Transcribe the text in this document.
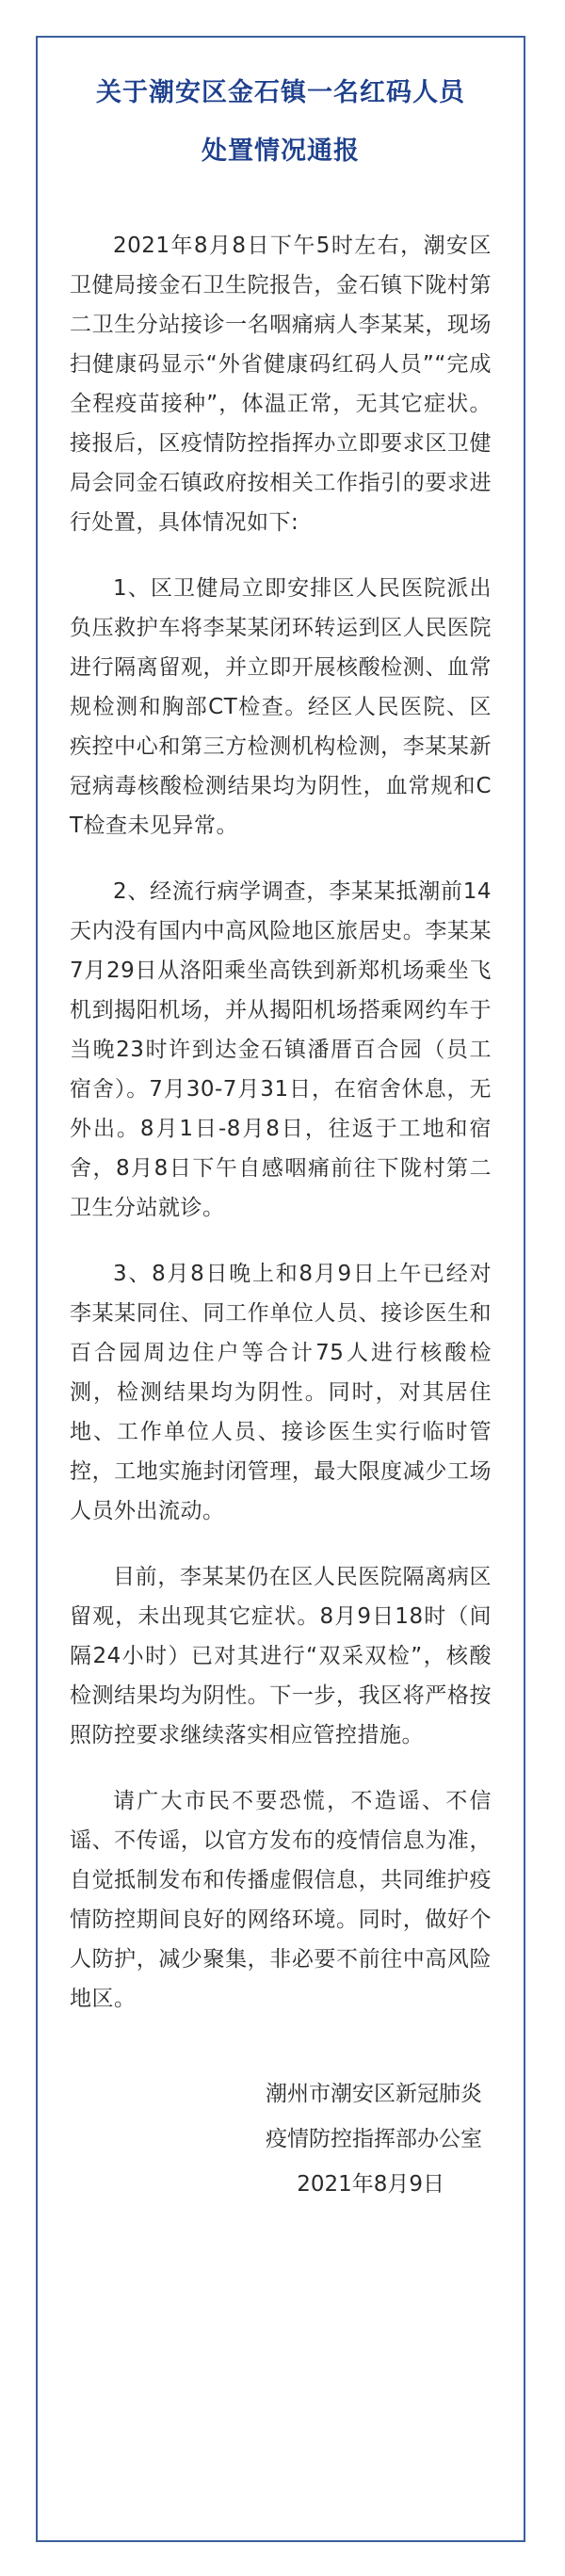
关于潮安区金石镇一名红码人员
处置情况通报

2021年8月8日下午5时左右，潮安区卫健局接金石卫生院报告，金石镇下陇村第二卫生分站接诊一名咽痛病人李某某，现场扫健康码显示“外省健康码红码人员”“完成全程疫苗接种”，体温正常，无其它症状。接报后，区疫情防控指挥办立即要求区卫健局会同金石镇政府按相关工作指引的要求进行处置，具体情况如下:

1、区卫健局立即安排区人民医院派出负压救护车将李某某闭环转运到区人民医院进行隔离留观，并立即开展核酸检测、血常规检测和胸部CT检查。经区人民医院、区疾控中心和第三方检测机构检测，李某某新冠病毒核酸检测结果均为阴性，血常规和CT检查未见异常。

2、经流行病学调查，李某某抵潮前14天内没有国内中高风险地区旅居史。李某某7月29日从洛阳乘坐高铁到新郑机场乘坐飞机到揭阳机场，并从揭阳机场搭乘网约车于当晚23时许到达金石镇潘厝百合园（员工宿舍）。7月30-7月31日，在宿舍休息，无外出。8月1日-8月8日，往返于工地和宿舍，8月8日下午自感咽痛前往下陇村第二卫生分站就诊。

3、8月8日晚上和8月9日上午已经对李某某同住、同工作单位人员、接诊医生和百合园周边住户等合计75人进行核酸检测，检测结果均为阴性。同时，对其居住地、工作单位人员、接诊医生实行临时管控，工地实施封闭管理，最大限度减少工场人员外出流动。

目前，李某某仍在区人民医院隔离病区留观，未出现其它症状。8月9日18时（间隔24小时）已对其进行“双采双检”，核酸检测结果均为阴性。下一步，我区将严格按照防控要求继续落实相应管控措施。

请广大市民不要恐慌，不造谣、不信谣、不传谣，以官方发布的疫情信息为准，自觉抵制发布和传播虚假信息，共同维护疫情防控期间良好的网络环境。同时，做好个人防护，减少聚集，非必要不前往中高风险地区。

潮州市潮安区新冠肺炎
疫情防控指挥部办公室
2021年8月9日
